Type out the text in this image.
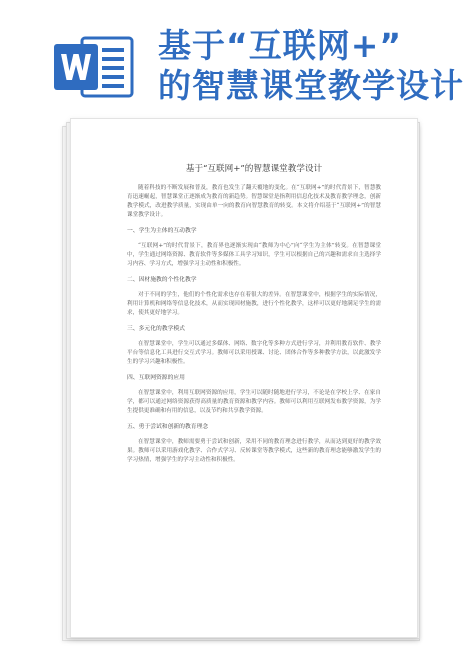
基于“互联网+”
的智慧课堂教学设计
基于“互联网+”的智慧课堂教学设计

随着科技的不断发展和普及，教育也发生了翻天覆地的变化。在“互联网+”的时代背景下，智慧教育迅速崛起，智慧课堂正逐渐成为教育的新趋势。智慧课堂是指利用信息化技术及教育教学理念，创新教学模式，改进教学质量，实现由单一向的教育向智慧教育的转变。本文将介绍基于“互联网+”的智慧课堂教学设计。

一、学生为主体的互动教学

“互联网+”的时代背景下，教育界也逐渐实现由“教师为中心”向“学生为主体”转变。在智慧课堂中，学生通过网络资源、教育软件等多媒体工具学习知识，学生可以根据自己的兴趣和需求自主选择学习内容、学习方式，增强学习主动性和积极性。

二、因材施教的个性化教学

对于不同的学生，他们的个性化需求也存在着很大的差异。在智慧课堂中，根据学生的实际情况，利用计算机和网络等信息化技术，从而实现因材施教，进行个性化教学，这样可以更好地满足学生的需求，使其更好地学习。

三、多元化的教学模式

在智慧课堂中，学生可以通过多媒体、网络、数字化等多种方式进行学习，并利用教育软件、教学平台等信息化工具进行交互式学习。教师可以采用授课、讨论、团体合作等多种教学方法，以此激发学生的学习兴趣和积极性。

四、互联网资源的应用

在智慧课堂中，利用互联网资源的应用，学生可以随时随地进行学习，不论是在学校上学、在家自学，都可以通过网络资源获得高质量的教育资源和教学内容。教师可以利用互联网发布教学资源，为学生提供更准确和有用的信息，以及节约和共享教学资源。

五、勇于尝试和创新的教育理念

在智慧课堂中，教师需要勇于尝试和创新，采用不同的教育理念进行教学，从而达到更好的教学效果。教师可以采用游戏化教学、合作式学习、反转课堂等教学模式，这些新的教育理念能够激发学生的学习热情，增强学生的学习主动性和积极性。
